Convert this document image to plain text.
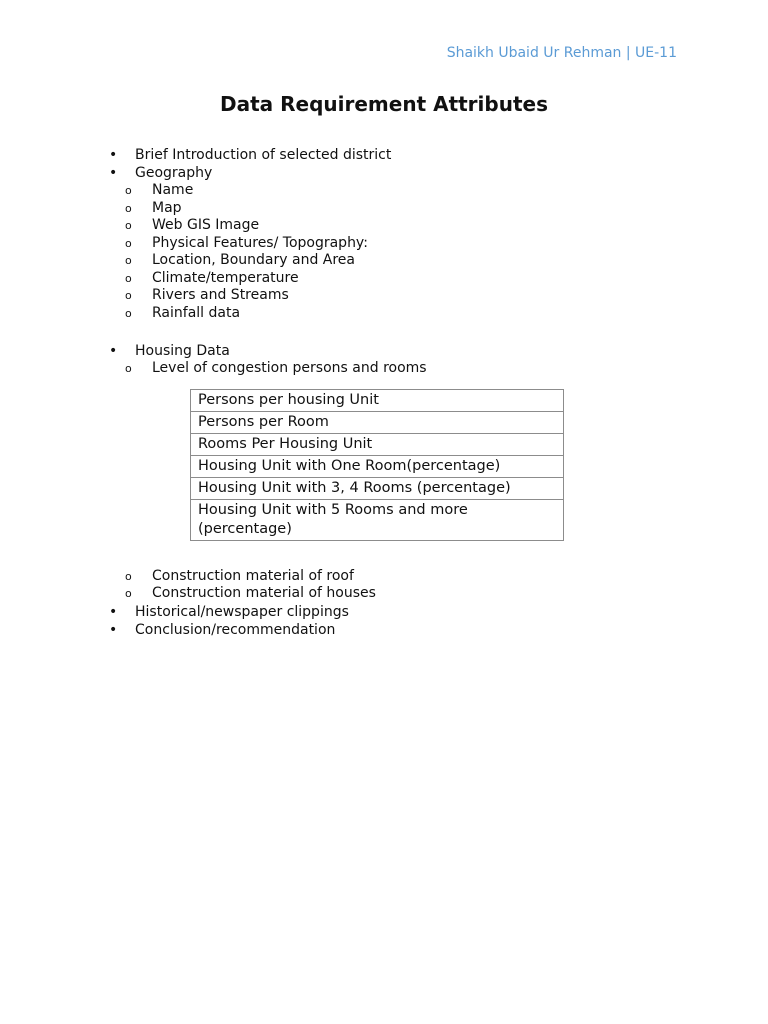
Shaikh Ubaid Ur Rehman | UE-11
Data Requirement Attributes
• Brief Introduction of selected district
• Geography
o Name
o Map
o Web GIS Image
o Physical Features/ Topography:
o Location, Boundary and Area
o Climate/temperature
o Rivers and Streams
o Rainfall data
• Housing Data
o Level of congestion persons and rooms
Persons per housing Unit
Persons per Room
Rooms Per Housing Unit
Housing Unit with One Room(percentage)
Housing Unit with 3, 4 Rooms (percentage)
Housing Unit with 5 Rooms and more (percentage)
o Construction material of roof
o Construction material of houses
• Historical/newspaper clippings
• Conclusion/recommendation
